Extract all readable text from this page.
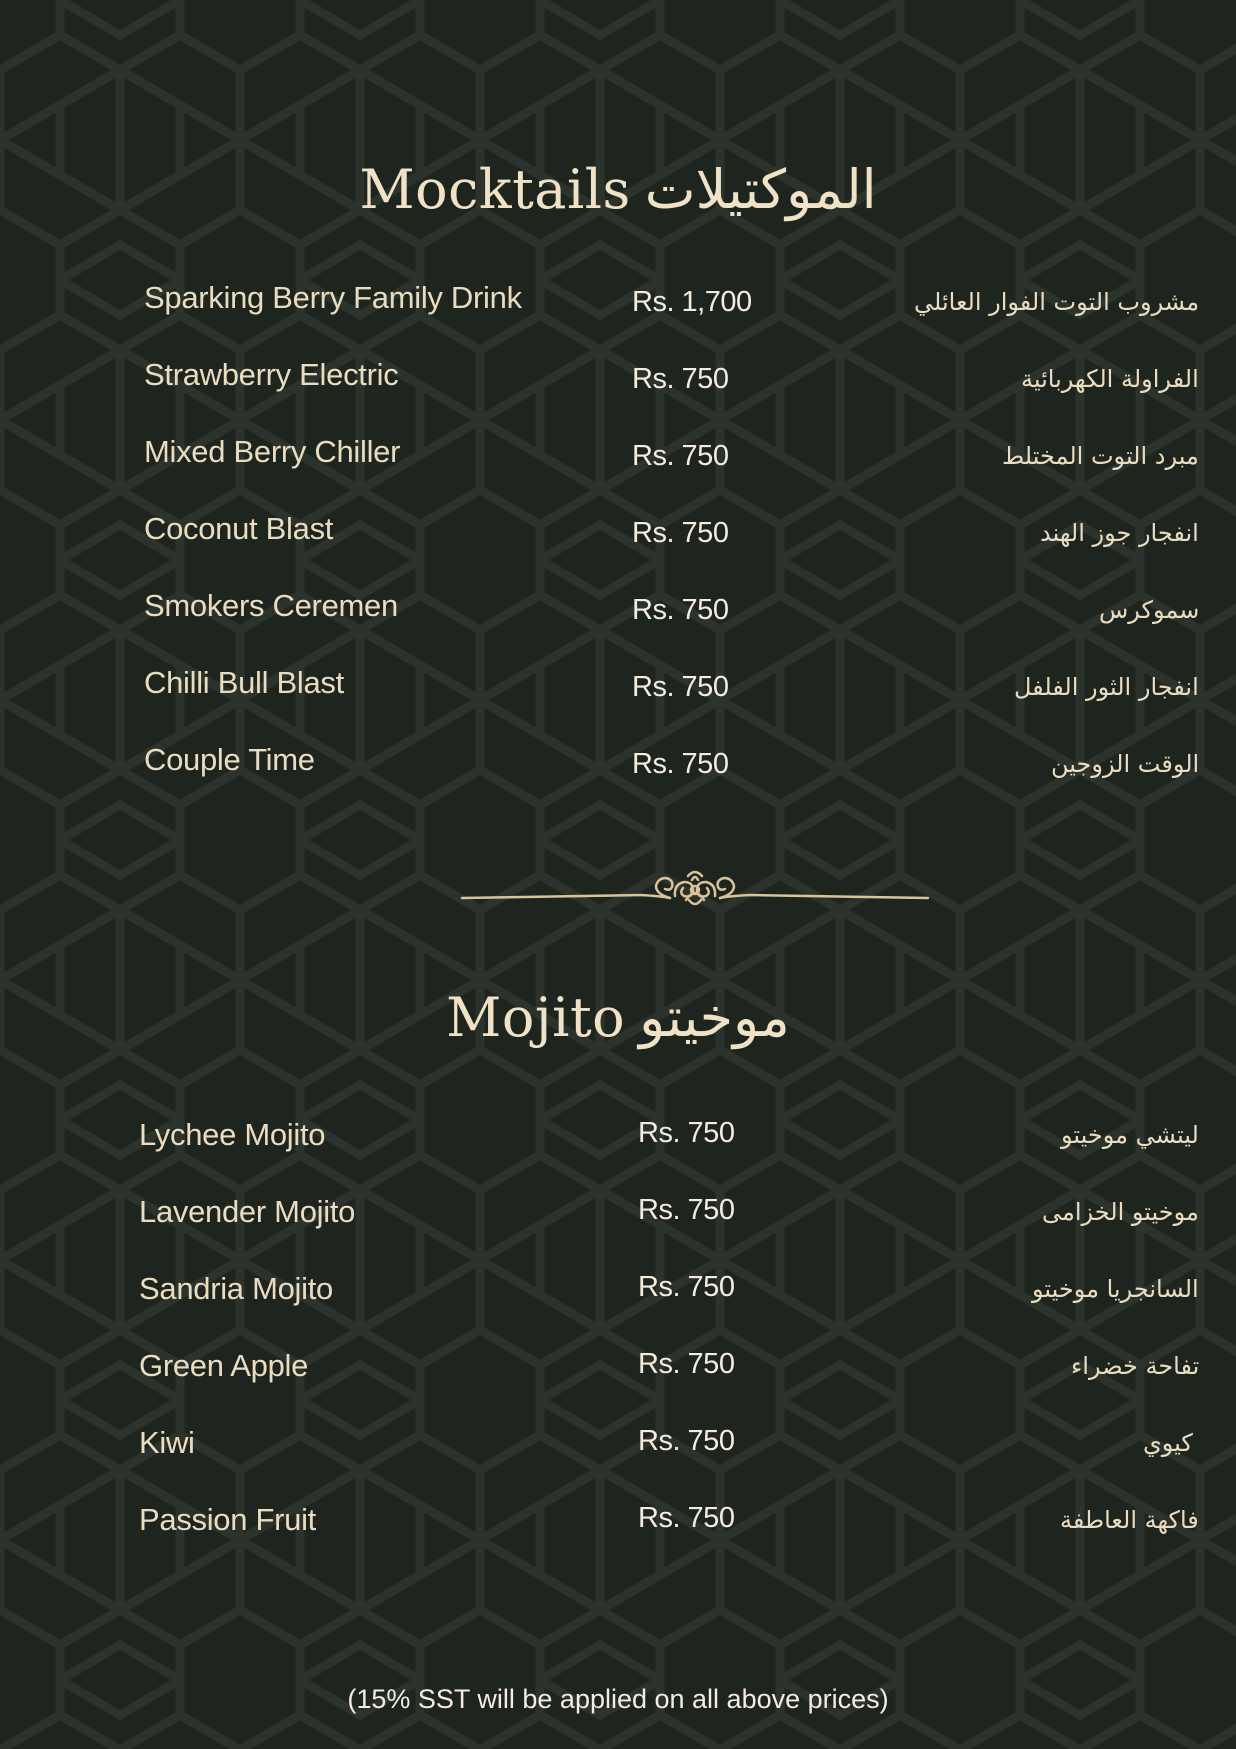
Mocktails الموكتيلات
Sparking Berry Family Drink	Rs. 1,700	مشروب التوت الفوار العائلي
Strawberry Electric	Rs. 750	الفراولة الكهربائية
Mixed Berry Chiller	Rs. 750	مبرد التوت المختلط
Coconut Blast	Rs. 750	انفجار جوز الهند
Smokers Ceremen	Rs. 750	سموكرس
Chilli Bull Blast	Rs. 750	انفجار الثور الفلفل
Couple Time	Rs. 750	الوقت الزوجين
Mojito موخيتو
Lychee Mojito	Rs. 750	ليتشي موخيتو
Lavender Mojito	Rs. 750	موخيتو الخزامى
Sandria Mojito	Rs. 750	السانجريا موخيتو
Green Apple	Rs. 750	تفاحة خضراء
Kiwi	Rs. 750	كيوي
Passion Fruit	Rs. 750	فاكهة العاطفة
(15% SST will be applied on all above prices)
